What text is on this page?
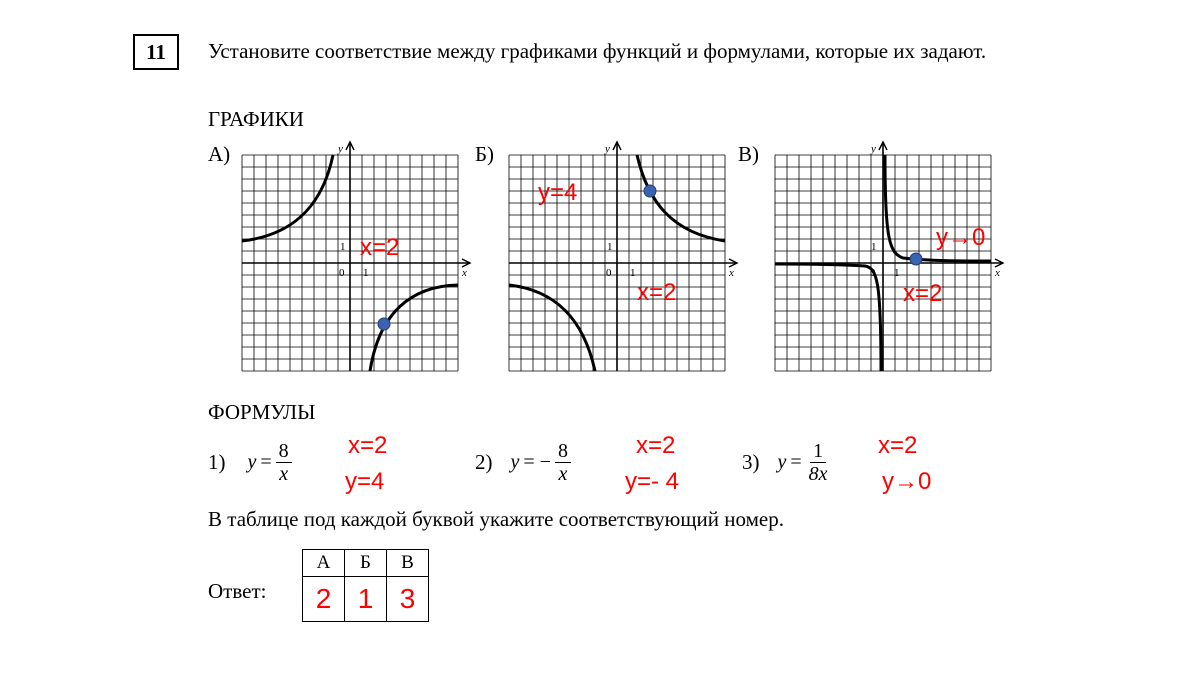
11	Установите соответствие между графиками функций и формулами, которые их задают.
ГРАФИКИ
А)	Б)	В)
x
y
0 1
1
x
y
0 1
1
x
y
0 1
1
x=2
y=4
x=2
y→0
x=2
ФОРМУЛЫ
1) $y = \frac{8}{x}$	2) y = − $\frac{8}{x}$	3) $y = \frac{1}{8x}$
x=2
y=4
x=2
y=- 4
x=2
y→0
В таблице под каждой буквой укажите соответствующий номер.
Ответ:
А	Б	В
2	1	3
